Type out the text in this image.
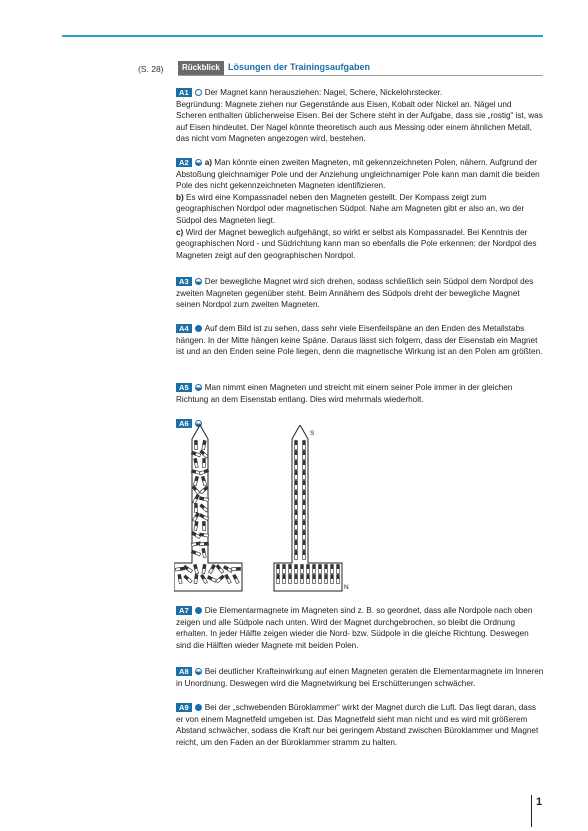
(S. 28)	Rückblick Lösungen der Trainingsaufgaben

A1 Der Magnet kann herausziehen: Nagel, Schere, Nickelohrstecker.

Begründung: Magnete ziehen nur Gegenstände aus Eisen, Kobalt oder Nickel an. Nägel und Scheren enthalten üblicherweise Eisen. Bei der Schere steht in der Aufgabe, dass sie „rostig“ ist, was auf Eisen hindeutet. Der Nagel könnte theoretisch auch aus Messing oder einem ähnlichen Metall, das nicht vom Magneten angezogen wird, bestehen.

A2 a) Man könnte einen zweiten Magneten, mit gekennzeichneten Polen, nähern. Aufgrund der Abstoßung gleichnamiger Pole und der Anziehung ungleichnamiger Pole kann man damit die beiden Pole des nicht gekennzeichneten Magneten identifizieren.

b) Es wird eine Kompassnadel neben den Magneten gestellt. Der Kompass zeigt zum geographischen Nordpol oder magnetischen Südpol. Nahe am Magneten gibt er also an, wo der Südpol des Magneten liegt.

c) Wird der Magnet beweglich aufgehängt, so wirkt er selbst als Kompassnadel. Bei Kenntnis der geographischen Nord - und Südrichtung kann man so ebenfalls die Pole erkennen: der Nordpol des Magneten zeigt auf den geographischen Nordpol.

A3 Der bewegliche Magnet wird sich drehen, sodass schließlich sein Südpol dem Nordpol des zweiten Magneten gegenüber steht. Beim Annähern des Südpols dreht der bewegliche Magnet seinen Nordpol zum zweiten Magneten.

A4 Auf dem Bild ist zu sehen, dass sehr viele Eisenfeilspäne an den Enden des Metallstabs hängen. In der Mitte hängen keine Späne. Daraus lässt sich folgern, dass der Eisenstab ein Magnet ist und an den Enden seine Pole liegen, denn die magnetische Wirkung ist an den Polen am größten.

A5 Man nimmt einen Magneten und streicht mit einem seiner Pole immer in der gleichen Richtung an dem Eisenstab entlang. Dies wird mehrmals wiederholt.

A6

S
N

A7 Die Elementarmagnete im Magneten sind z. B. so geordnet, dass alle Nordpole nach oben zeigen und alle Südpole nach unten. Wird der Magnet durchgebrochen, so bleibt die Ordnung erhalten. In jeder Hälfte zeigen wieder die Nord- bzw. Südpole in die gleiche Richtung. Deswegen sind die Hälften wieder Magnete mit beiden Polen.

A8 Bei deutlicher Krafteinwirkung auf einen Magneten geraten die Elementarmagnete im Inneren in Unordnung. Deswegen wird die Magnetwirkung bei Erschütterungen schwächer.

A9 Bei der „schwebenden Büroklammer“ wirkt der Magnet durch die Luft. Das liegt daran, dass er von einem Magnetfeld umgeben ist. Das Magnetfeld sieht man nicht und es wird mit größerem Abstand schwächer, sodass die Kraft nur bei geringem Abstand zwischen Büroklammer und Magnet reicht, um den Faden an der Büroklammer stramm zu halten.

1
